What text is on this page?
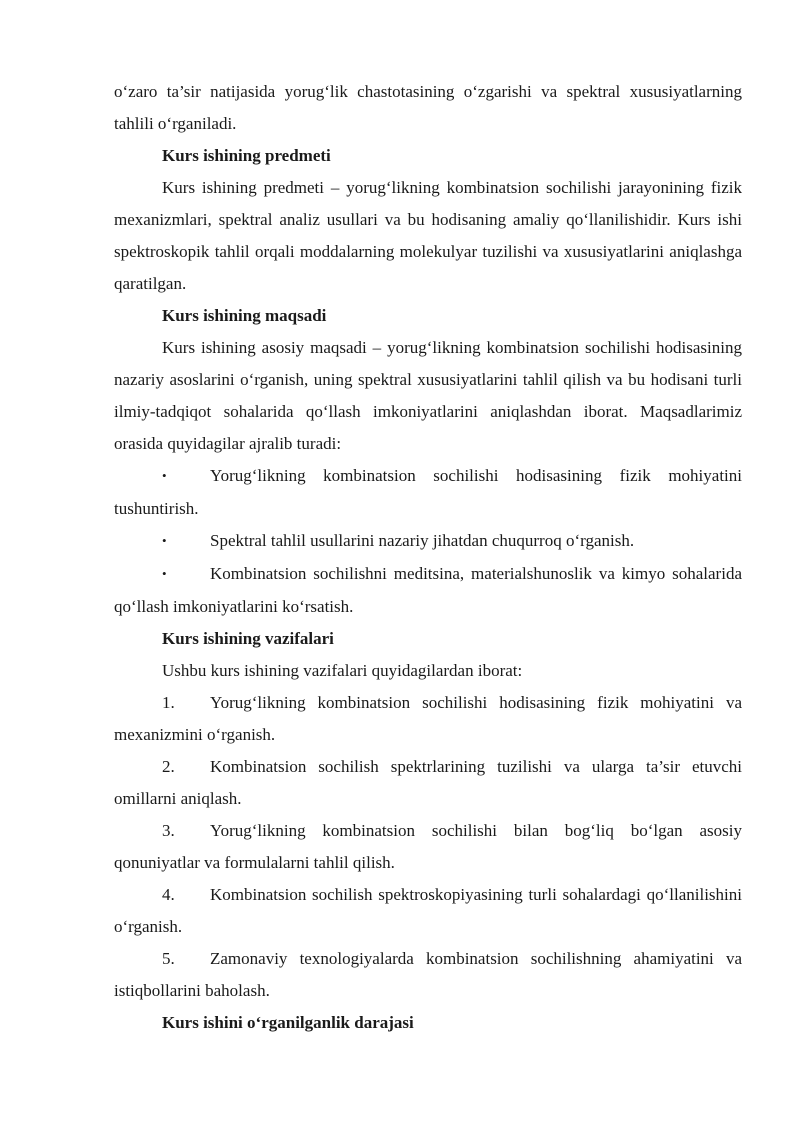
o‘zaro ta’sir natijasida yorug‘lik chastotasining o‘zgarishi va spektral xususiyatlarning tahlili o‘rganiladi.

Kurs ishining predmeti

Kurs ishining predmeti – yorug‘likning kombinatsion sochilishi jarayonining fizik mexanizmlari, spektral analiz usullari va bu hodisaning amaliy qo‘llanilishidir. Kurs ishi spektroskopik tahlil orqali moddalarning molekulyar tuzilishi va xususiyatlarini aniqlashga qaratilgan.

Kurs ishining maqsadi

Kurs ishining asosiy maqsadi – yorug‘likning kombinatsion sochilishi hodisasining nazariy asoslarini o‘rganish, uning spektral xususiyatlarini tahlil qilish va bu hodisani turli ilmiy-tadqiqot sohalarida qo‘llash imkoniyatlarini aniqlashdan iborat. Maqsadlarimiz orasida quyidagilar ajralib turadi:

•	Yorug‘likning kombinatsion sochilishi hodisasining fizik mohiyatini tushuntirish.

•	Spektral tahlil usullarini nazariy jihatdan chuqurroq o‘rganish.

•	Kombinatsion sochilishni meditsina, materialshunoslik va kimyo sohalarida qo‘llash imkoniyatlarini ko‘rsatish.

Kurs ishining vazifalari

Ushbu kurs ishining vazifalari quyidagilardan iborat:

1. Yorug‘likning kombinatsion sochilishi hodisasining fizik mohiyatini va mexanizmini o‘rganish.

2. Kombinatsion sochilish spektrlarining tuzilishi va ularga ta’sir etuvchi omillarni aniqlash.

3. Yorug‘likning kombinatsion sochilishi bilan bog‘liq bo‘lgan asosiy qonuniyatlar va formulalarni tahlil qilish.

4. Kombinatsion sochilish spektroskopiyasining turli sohalardagi qo‘llanilishini o‘rganish.

5. Zamonaviy texnologiyalarda kombinatsion sochilishning ahamiyatini va istiqbollarini baholash.

Kurs ishini o‘rganilganlik darajasi
